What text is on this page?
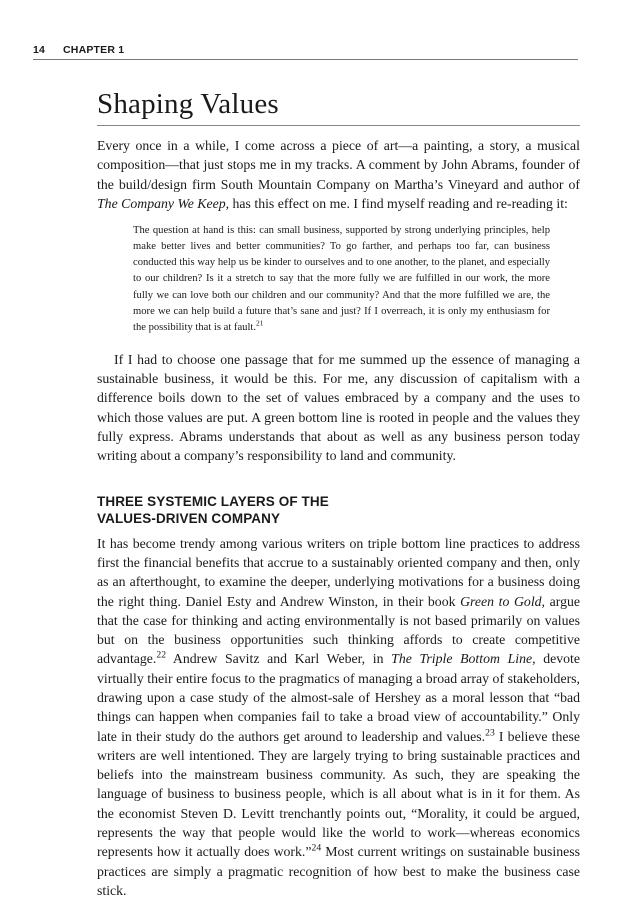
14 CHAPTER 1
Shaping Values

Every once in a while, I come across a piece of art—a painting, a story, a musical composition—that just stops me in my tracks. A comment by John Abrams, founder of the build/design firm South Mountain Company on Martha’s Vineyard and author of The Company We Keep, has this effect on me. I find myself reading and re-reading it:

The question at hand is this: can small business, supported by strong underlying principles, help make better lives and better communities? To go farther, and perhaps too far, can business conducted this way help us be kinder to ourselves and to one another, to the planet, and especially to our children? Is it a stretch to say that the more fully we are fulfilled in our work, the more fully we can love both our children and our community? And that the more fulfilled we are, the more we can help build a future that’s sane and just? If I overreach, it is only my enthusiasm for the possibility that is at fault.$^{21}$

If I had to choose one passage that for me summed up the essence of managing a sustainable business, it would be this. For me, any discussion of capitalism with a difference boils down to the set of values embraced by a company and the uses to which those values are put. A green bottom line is rooted in people and the values they fully express. Abrams understands that about as well as any business person today writing about a company’s responsibility to land and community.

THREE SYSTEMIC LAYERS OF THE
VALUES-DRIVEN COMPANY

It has become trendy among various writers on triple bottom line practices to address first the financial benefits that accrue to a sustainably oriented company and then, only as an afterthought, to examine the deeper, underlying motivations for a business doing the right thing. Daniel Esty and Andrew Winston, in their book Green to Gold, argue that the case for thinking and acting environmentally is not based primarily on values but on the business opportunities such thinking affords to create competitive advantage.$^{22}$ Andrew Savitz and Karl Weber, in The Triple Bottom Line, devote virtually their entire focus to the pragmatics of managing a broad array of stakeholders, drawing upon a case study of the almost-sale of Hershey as a moral lesson that “bad things can happen when companies fail to take a broad view of accountability.” Only late in their study do the authors get around to leadership and values.$^{23}$ I believe these writers are well intentioned. They are largely trying to bring sustainable practices and beliefs into the mainstream business community. As such, they are speaking the language of business to business people, which is all about what is in it for them. As the economist Steven D. Levitt trenchantly points out, “Morality, it could be argued, represents the way that people would like the world to work—whereas economics represents how it actually does work.”$^{24}$ Most current writings on sustainable business practices are simply a pragmatic recognition of how best to make the business case stick.
